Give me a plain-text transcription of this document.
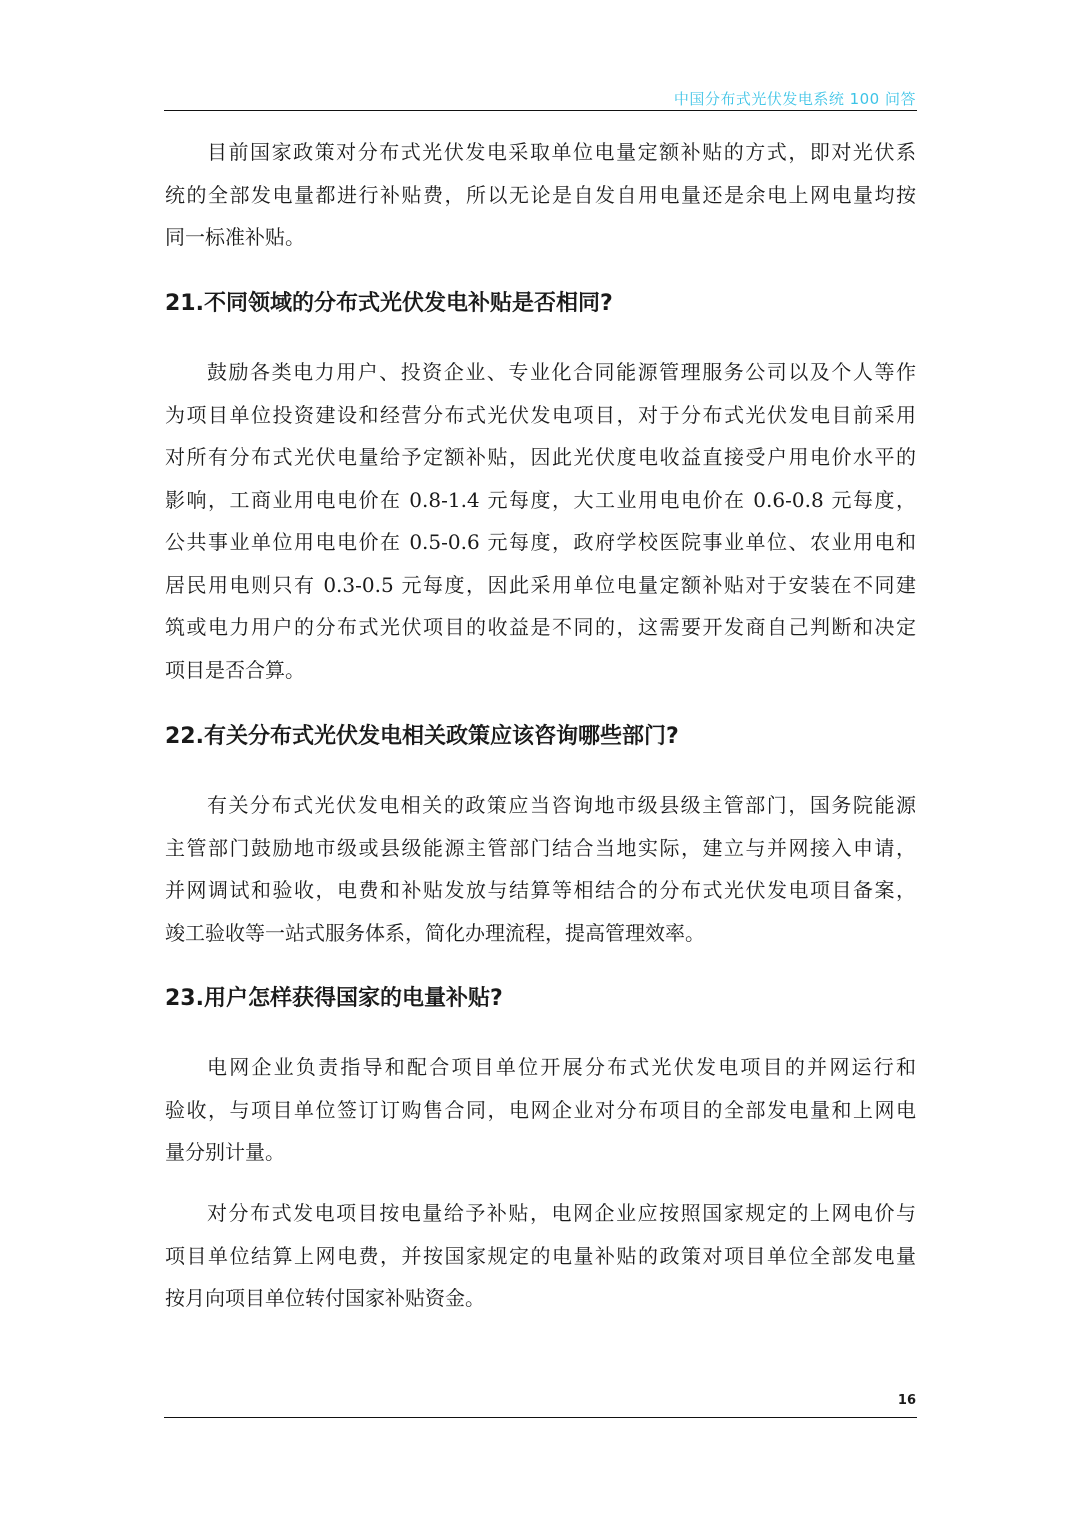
中国分布式光伏发电系统 100 问答
目前国家政策对分布式光伏发电采取单位电量定额补贴的方式，即对光伏系
统的全部发电量都进行补贴费，所以无论是自发自用电量还是余电上网电量均按
同一标准补贴。
21.不同领域的分布式光伏发电补贴是否相同?
鼓励各类电力用户、投资企业、专业化合同能源管理服务公司以及个人等作
为项目单位投资建设和经营分布式光伏发电项目，对于分布式光伏发电目前采用
对所有分布式光伏电量给予定额补贴，因此光伏度电收益直接受户用电价水平的
影响，工商业用电电价在 0.8-1.4 元每度，大工业用电电价在 0.6-0.8 元每度，
公共事业单位用电电价在 0.5-0.6 元每度，政府学校医院事业单位、农业用电和
居民用电则只有 0.3-0.5 元每度，因此采用单位电量定额补贴对于安装在不同建
筑或电力用户的分布式光伏项目的收益是不同的，这需要开发商自己判断和决定
项目是否合算。
22.有关分布式光伏发电相关政策应该咨询哪些部门?
有关分布式光伏发电相关的政策应当咨询地市级县级主管部门，国务院能源
主管部门鼓励地市级或县级能源主管部门结合当地实际，建立与并网接入申请，
并网调试和验收，电费和补贴发放与结算等相结合的分布式光伏发电项目备案，
竣工验收等一站式服务体系，简化办理流程，提高管理效率。
23.用户怎样获得国家的电量补贴?
电网企业负责指导和配合项目单位开展分布式光伏发电项目的并网运行和
验收，与项目单位签订订购售合同，电网企业对分布项目的全部发电量和上网电
量分别计量。
对分布式发电项目按电量给予补贴，电网企业应按照国家规定的上网电价与
项目单位结算上网电费，并按国家规定的电量补贴的政策对项目单位全部发电量
按月向项目单位转付国家补贴资金。
16
